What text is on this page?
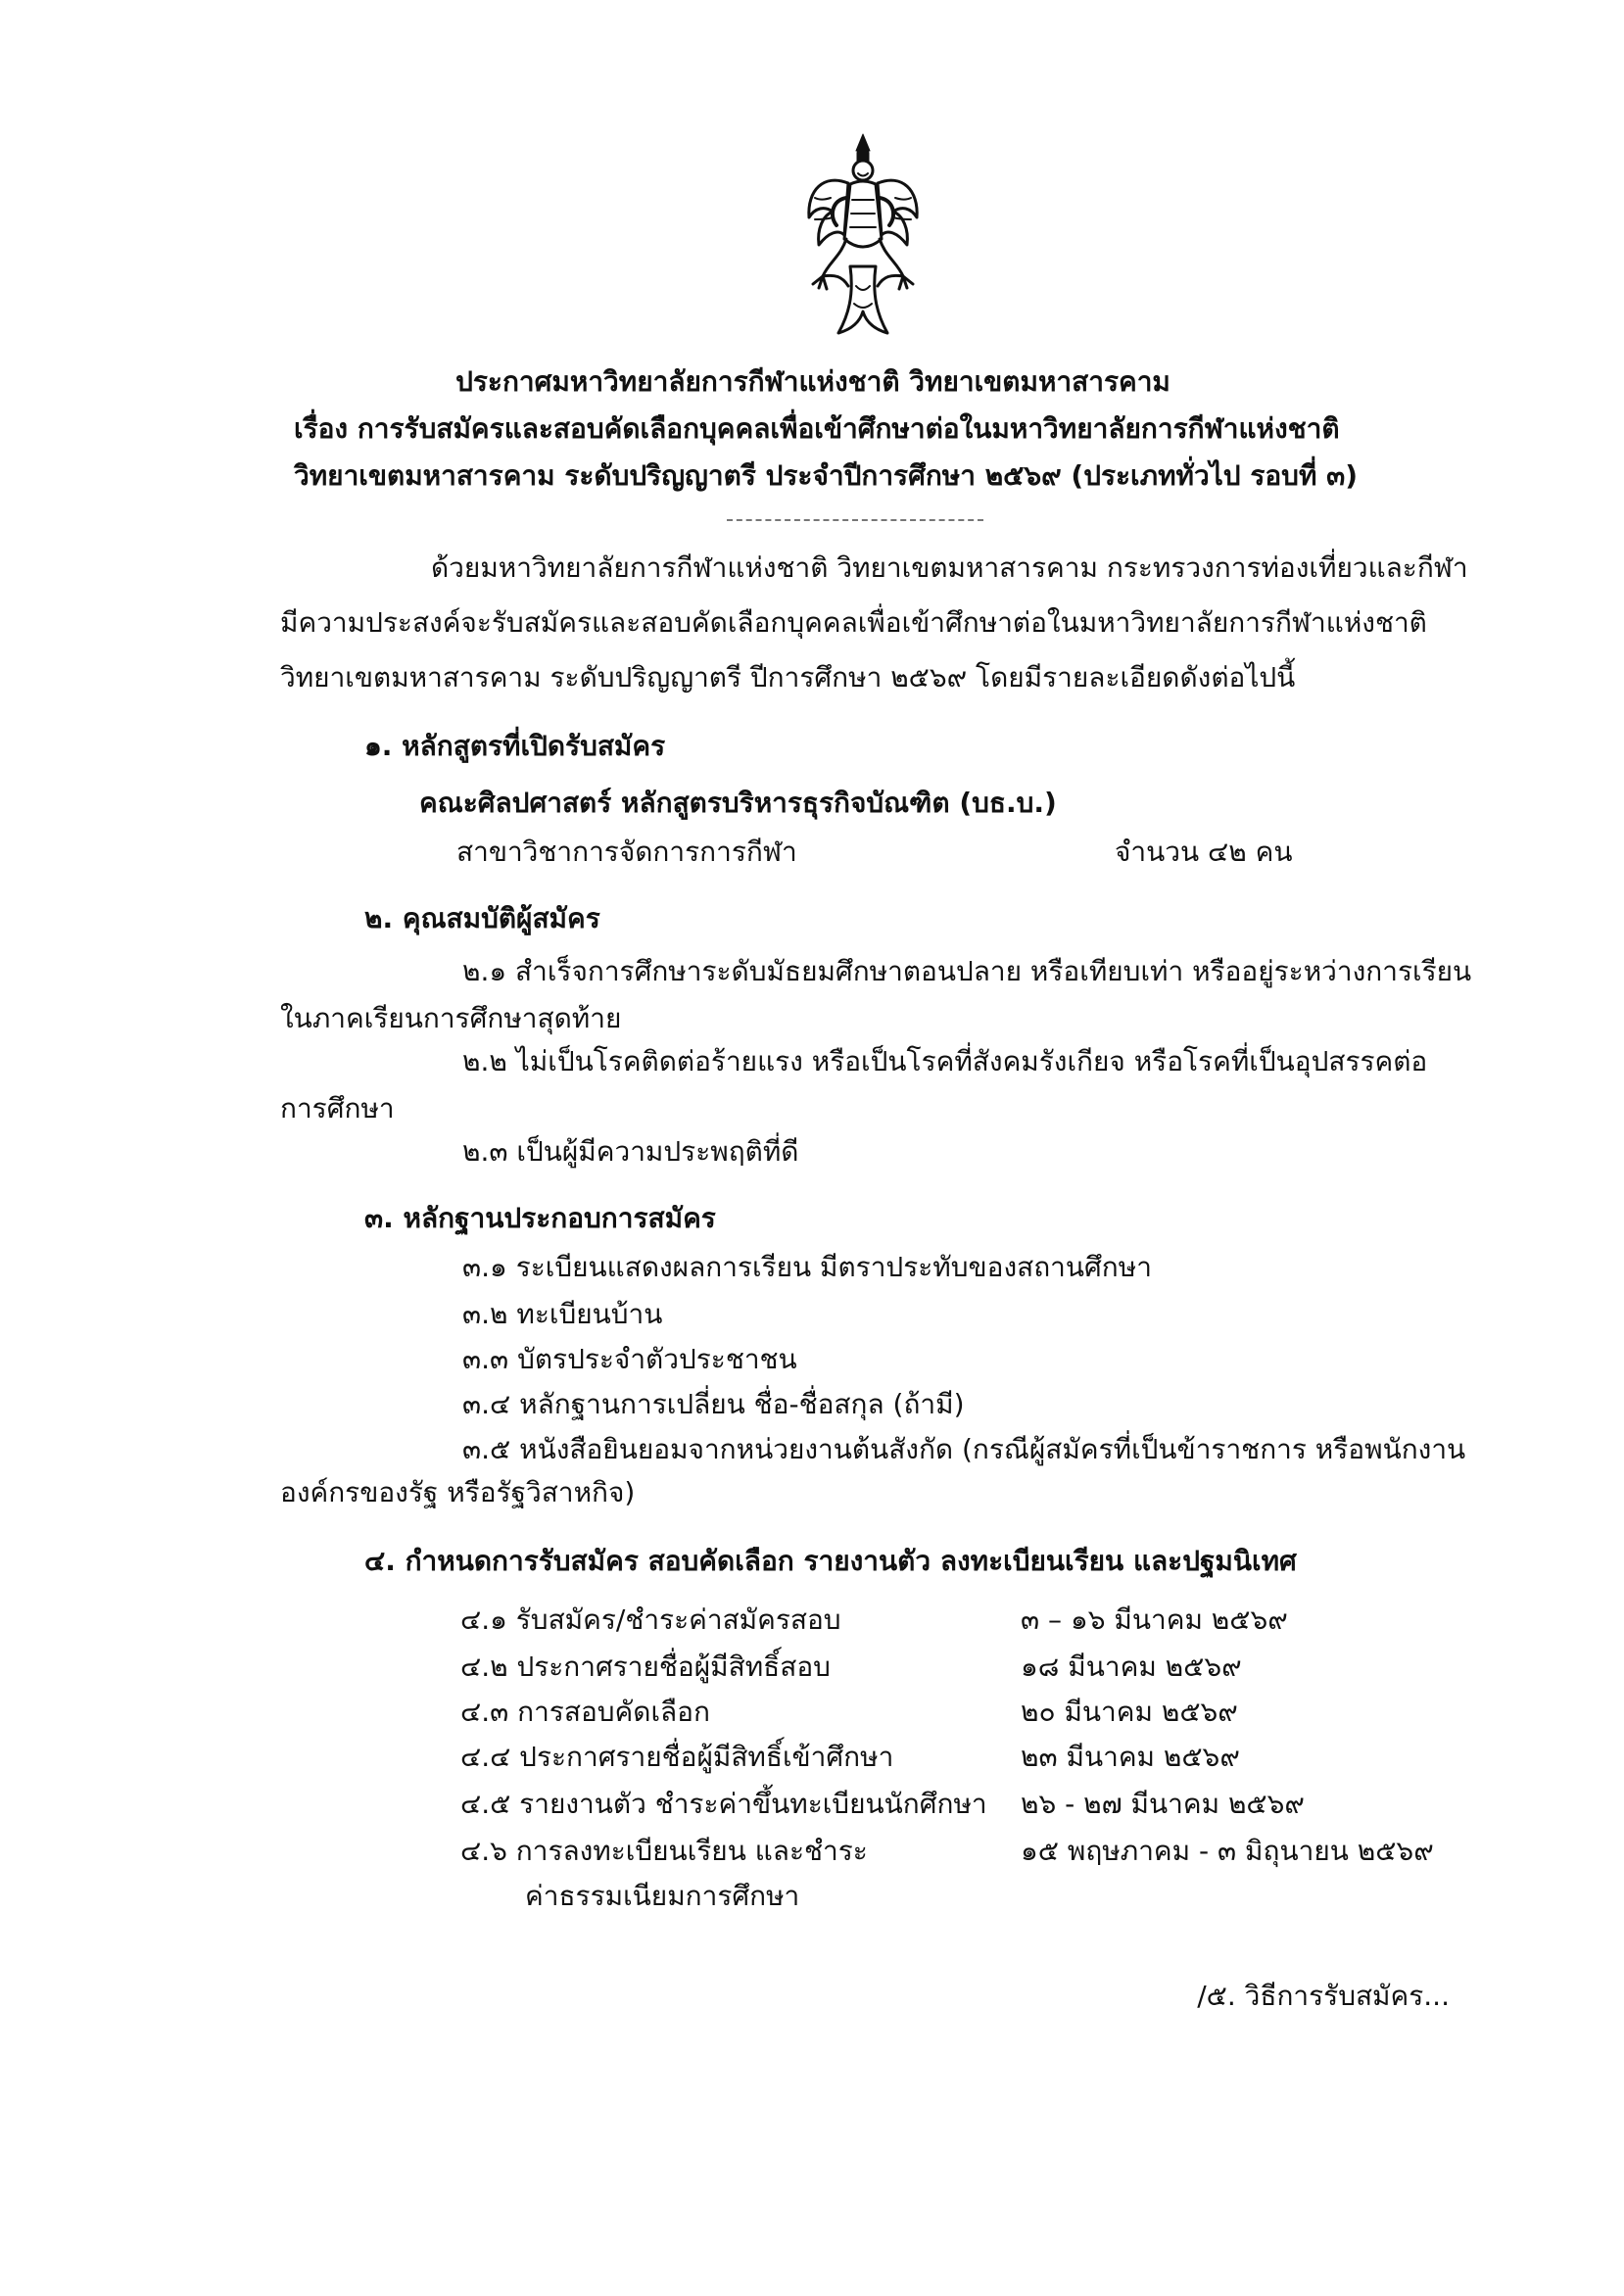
ประกาศมหาวิทยาลัยการกีฬาแห่งชาติ วิทยาเขตมหาสารคาม
เรื่อง การรับสมัครและสอบคัดเลือกบุคคลเพื่อเข้าศึกษาต่อในมหาวิทยาลัยการกีฬาแห่งชาติ
วิทยาเขตมหาสารคาม ระดับปริญญาตรี ประจำปีการศึกษา ๒๕๖๙ (ประเภททั่วไป รอบที่ ๓)
ด้วยมหาวิทยาลัยการกีฬาแห่งชาติ วิทยาเขตมหาสารคาม กระทรวงการท่องเที่ยวและกีฬา
มีความประสงค์จะรับสมัครและสอบคัดเลือกบุคคลเพื่อเข้าศึกษาต่อในมหาวิทยาลัยการกีฬาแห่งชาติ
วิทยาเขตมหาสารคาม ระดับปริญญาตรี ปีการศึกษา ๒๕๖๙ โดยมีรายละเอียดดังต่อไปนี้
๑. หลักสูตรที่เปิดรับสมัคร
คณะศิลปศาสตร์ หลักสูตรบริหารธุรกิจบัณฑิต (บธ.บ.)
สาขาวิชาการจัดการการกีฬา	จำนวน ๔๒ คน
๒. คุณสมบัติผู้สมัคร
๒.๑ สำเร็จการศึกษาระดับมัธยมศึกษาตอนปลาย หรือเทียบเท่า หรืออยู่ระหว่างการเรียน
ในภาคเรียนการศึกษาสุดท้าย
๒.๒ ไม่เป็นโรคติดต่อร้ายแรง หรือเป็นโรคที่สังคมรังเกียจ หรือโรคที่เป็นอุปสรรคต่อ
การศึกษา
๒.๓ เป็นผู้มีความประพฤติที่ดี
๓. หลักฐานประกอบการสมัคร
๓.๑ ระเบียนแสดงผลการเรียน มีตราประทับของสถานศึกษา
๓.๒ ทะเบียนบ้าน
๓.๓ บัตรประจำตัวประชาชน
๓.๔ หลักฐานการเปลี่ยน ชื่อ-ชื่อสกุล (ถ้ามี)
๓.๕ หนังสือยินยอมจากหน่วยงานต้นสังกัด (กรณีผู้สมัครที่เป็นข้าราชการ หรือพนักงาน
องค์กรของรัฐ หรือรัฐวิสาหกิจ)
๔. กำหนดการรับสมัคร สอบคัดเลือก รายงานตัว ลงทะเบียนเรียน และปฐมนิเทศ
๔.๑ รับสมัคร/ชำระค่าสมัครสอบ	๓ – ๑๖ มีนาคม ๒๕๖๙
๔.๒ ประกาศรายชื่อผู้มีสิทธิ์สอบ	๑๘ มีนาคม ๒๕๖๙
๔.๓ การสอบคัดเลือก	๒๐ มีนาคม ๒๕๖๙
๔.๔ ประกาศรายชื่อผู้มีสิทธิ์เข้าศึกษา	๒๓ มีนาคม ๒๕๖๙
๔.๕ รายงานตัว ชำระค่าขึ้นทะเบียนนักศึกษา ๒๖ - ๒๗ มีนาคม ๒๕๖๙
๔.๖ การลงทะเบียนเรียน และชำระ
ค่าธรรมเนียมการศึกษา
๑๕ พฤษภาคม - ๓ มิถุนายน ๒๕๖๙
/๕. วิธีการรับสมัคร...
